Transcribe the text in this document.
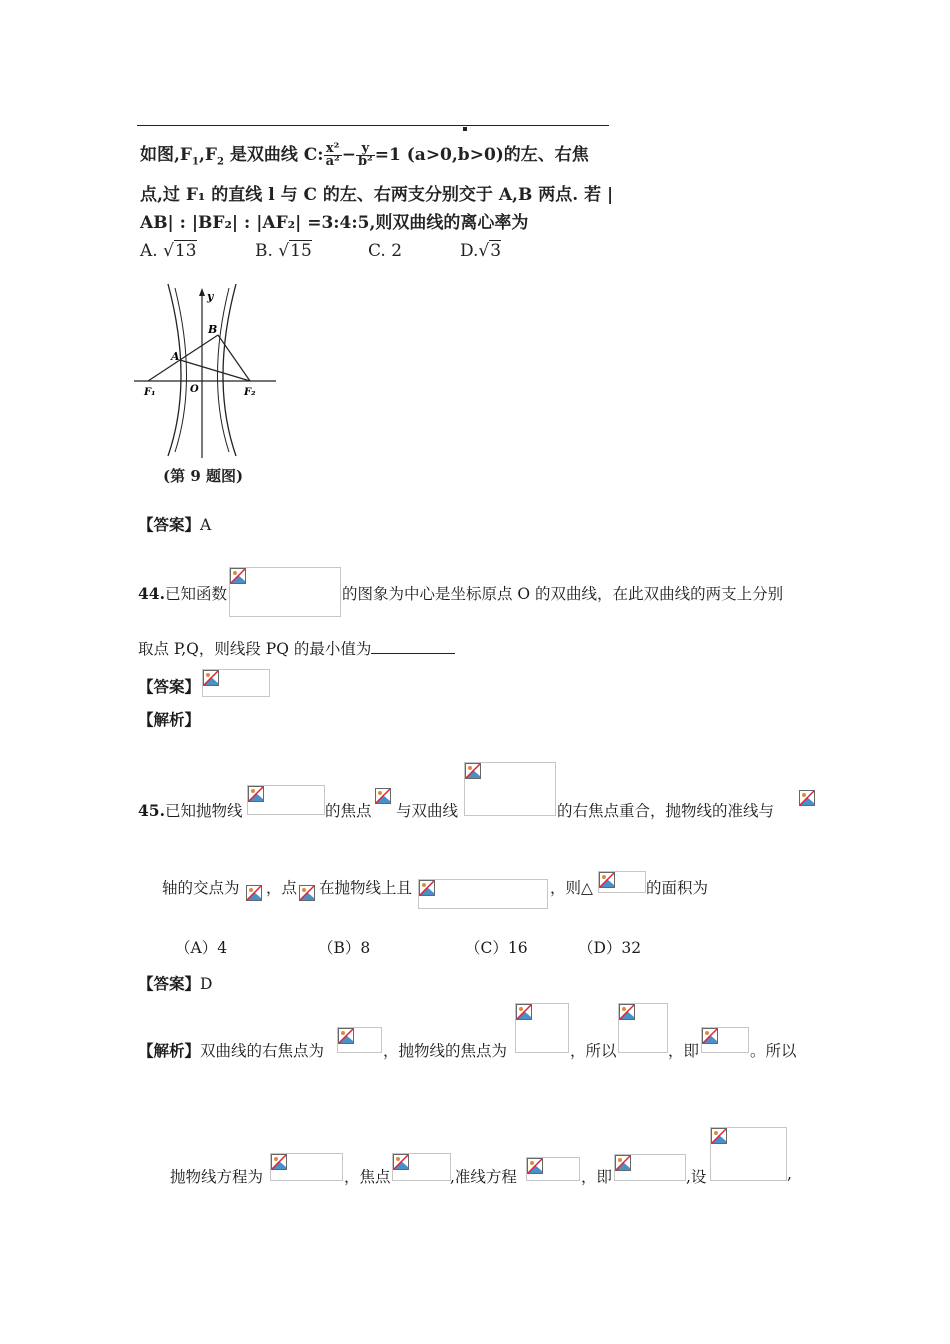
如图$,F_1,F_2$ 是双曲线 C: $\frac{\text{x²}}{\text{a²}} - \frac{y}{\text{b²}} =1$ (a>0,b>0)的左、右焦
点,过 F₁ 的直线 l 与 C 的左、右两支分别交于 A,B 两点. 若 |
AB| : |BF₂| : |AF₂| =3:4:5,则双曲线的离心率为
A. √13	B. √15	C. 2	D.√3
y
B
A
O
F₁	F₂
(第 9 题图)
【答案】A
44.已知函数	的图象为中心是坐标原点 O 的双曲线，在此双曲线的两支上分别
取点 P,Q，则线段 PQ 的最小值为
【答案】
【解析】
45.已知抛物线	的焦点 与双曲线	的右焦点重合，抛物线的准线与
轴的交点为 ，点 在抛物线上且	，则△	的面积为
（A）4	（B）8	（C）16	（D）32
【答案】D
【解析】双曲线的右焦点为	，抛物线的焦点为	，所以	，即	。所以
抛物线方程为	，焦点	,准线方程	，即	,设	,
